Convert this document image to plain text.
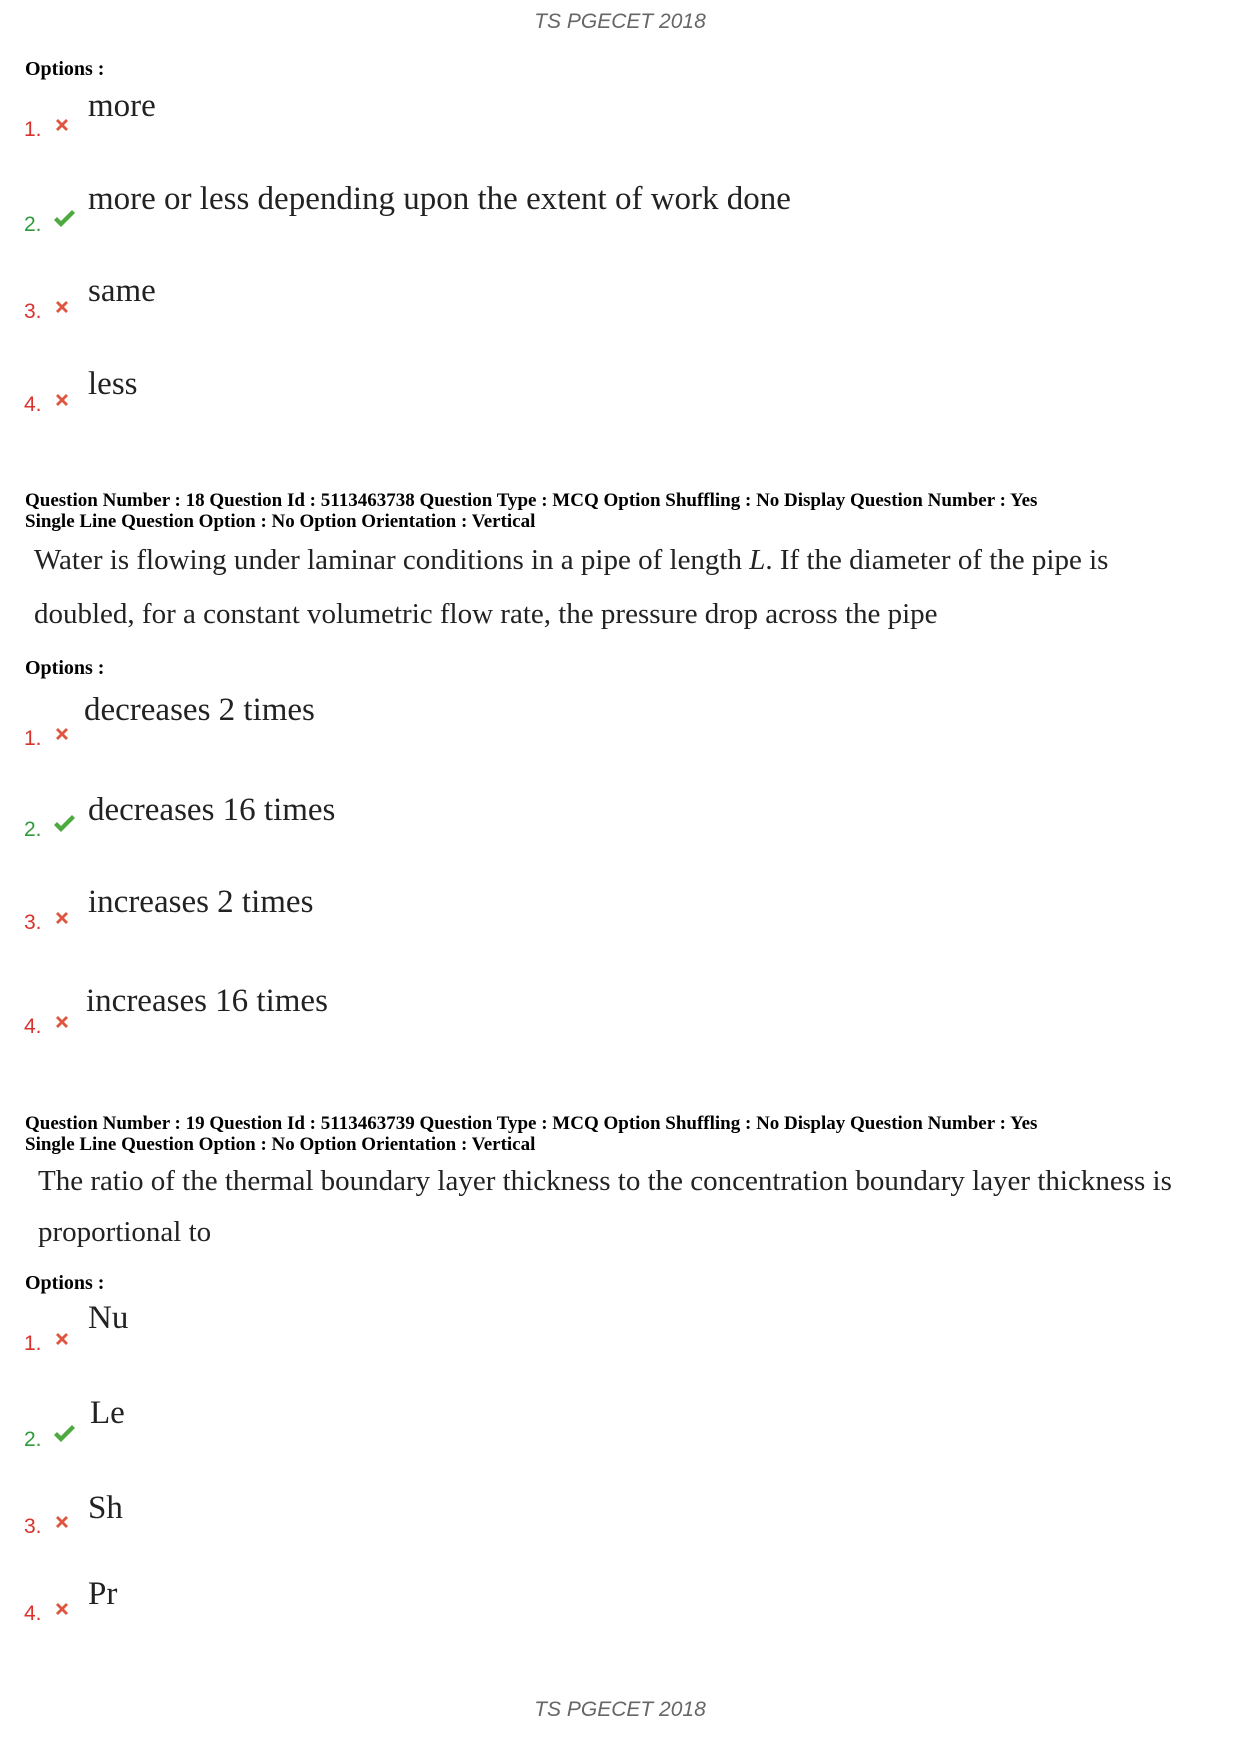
TS PGECET 2018
Options :
1.
more
2.
more or less depending upon the extent of work done
3.
same
4.
less
Question Number : 18 Question Id : 5113463738 Question Type : MCQ Option Shuffling : No Display Question Number : Yes
Single Line Question Option : No Option Orientation : Vertical
Water is flowing under laminar conditions in a pipe of length L. If the diameter of the pipe is
doubled, for a constant volumetric flow rate, the pressure drop across the pipe
Options :
1.
decreases 2 times
2.
decreases 16 times
3.
increases 2 times
4.
increases 16 times
Question Number : 19 Question Id : 5113463739 Question Type : MCQ Option Shuffling : No Display Question Number : Yes
Single Line Question Option : No Option Orientation : Vertical
The ratio of the thermal boundary layer thickness to the concentration boundary layer thickness is
proportional to
Options :
1.
Nu
2.
Le
3.
Sh
4.
Pr
TS PGECET 2018
